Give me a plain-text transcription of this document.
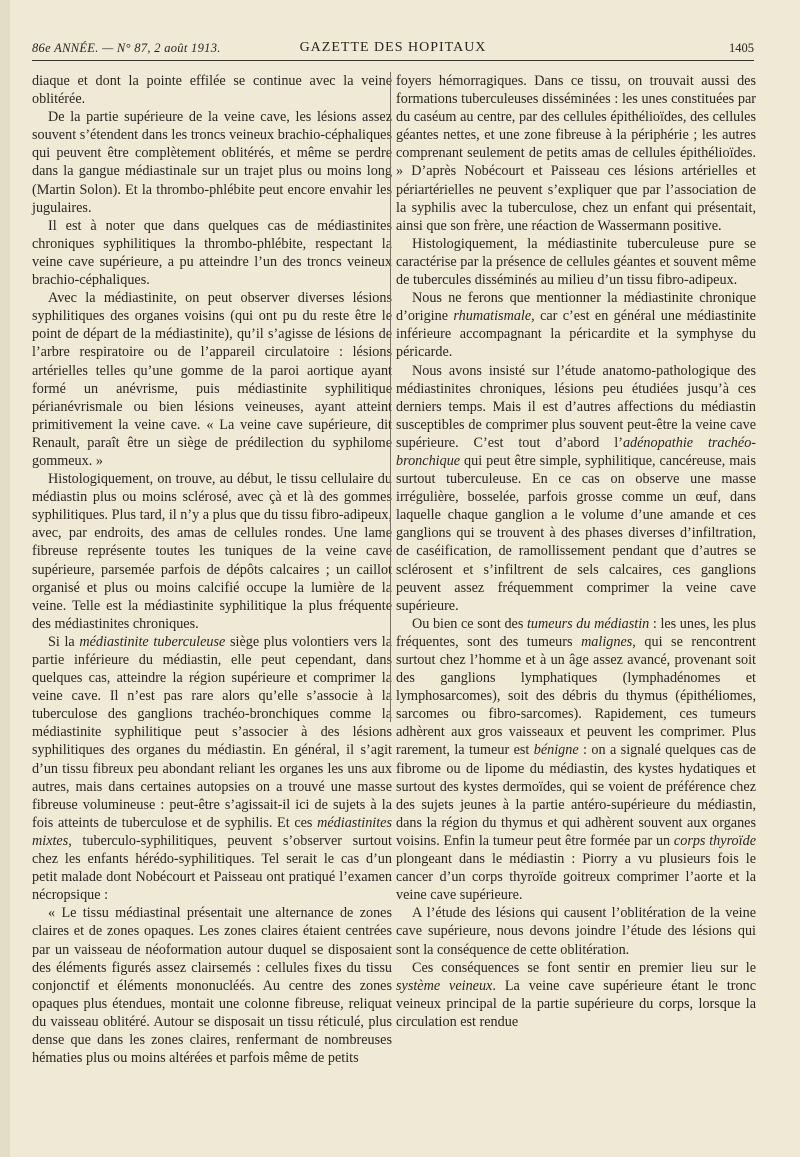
86e ANNÉE. — N° 87, 2 août 1913.	GAZETTE DES HOPITAUX	1405

diaque et dont la pointe effilée se continue avec la veine oblitérée.

De la partie supérieure de la veine cave, les lésions assez souvent s’étendent dans les troncs veineux brachio-céphaliques qui peuvent être complètement oblitérés, et même se perdre dans la gangue médiastinale sur un trajet plus ou moins long (Martin Solon). Et la thrombo-phlébite peut encore envahir les jugulaires.

Il est à noter que dans quelques cas de médiastinites chroniques syphilitiques la thrombo-phlébite, respectant la veine cave supérieure, a pu atteindre l’un des troncs veineux brachio-céphaliques.

Avec la médiastinite, on peut observer diverses lésions syphilitiques des organes voisins (qui ont pu du reste être le point de départ de la médiastinite), qu’il s’agisse de lésions de l’arbre respiratoire ou de l’appareil circulatoire : lésions artérielles telles qu’une gomme de la paroi aortique ayant formé un anévrisme, puis médiastinite syphilitique périanévrismale ou bien lésions veineuses, ayant atteint primitivement la veine cave. « La veine cave supérieure, dit Renault, paraît être un siège de prédilection du syphilome gommeux. »

Histologiquement, on trouve, au début, le tissu cellulaire du médiastin plus ou moins sclérosé, avec çà et là des gommes syphilitiques. Plus tard, il n’y a plus que du tissu fibro-adipeux, avec, par endroits, des amas de cellules rondes. Une lame fibreuse représente toutes les tuniques de la veine cave supérieure, parsemée parfois de dépôts calcaires ; un caillot organisé et plus ou moins calcifié occupe la lumière de la veine. Telle est la médiastinite syphilitique la plus fréquente des médiastinites chroniques.

Si la médiastinite tuberculeuse siège plus volontiers vers la partie inférieure du médiastin, elle peut cependant, dans quelques cas, atteindre la région supérieure et comprimer la veine cave. Il n’est pas rare alors qu’elle s’associe à la tuberculose des ganglions trachéo-bronchiques comme la médiastinite syphilitique peut s’associer à des lésions syphilitiques des organes du médiastin. En général, il s’agit d’un tissu fibreux peu abondant reliant les organes les uns aux autres, mais dans certaines autopsies on a trouvé une masse fibreuse volumineuse : peut-être s’agissait-il ici de sujets à la fois atteints de tuberculose et de syphilis. Et ces médiastinites mixtes, tuberculo-syphilitiques, peuvent s’observer surtout chez les enfants hérédo-syphilitiques. Tel serait le cas d’un petit malade dont Nobécourt et Paisseau ont pratiqué l’examen nécropsique :

« Le tissu médiastinal présentait une alternance de zones claires et de zones opaques. Les zones claires étaient centrées par un vaisseau de néoformation autour duquel se disposaient des éléments figurés assez clairsemés : cellules fixes du tissu conjonctif et éléments mononucléés. Au centre des zones opaques plus étendues, montait une colonne fibreuse, reliquat du vaisseau oblitéré. Autour se disposait un tissu réticulé, plus dense que dans les zones claires, renfermant de nombreuses hématies plus ou moins altérées et parfois même de petits

foyers hémorragiques. Dans ce tissu, on trouvait aussi des formations tuberculeuses disséminées : les unes constituées par du caséum au centre, par des cellules épithélioïdes, des cellules géantes nettes, et une zone fibreuse à la périphérie ; les autres comprenant seulement de petits amas de cellules épithélioïdes. » D’après Nobécourt et Paisseau ces lésions artérielles et périartérielles ne peuvent s’expliquer que par l’association de la syphilis avec la tuberculose, chez un enfant qui présentait, ainsi que son frère, une réaction de Wassermann positive.

Histologiquement, la médiastinite tuberculeuse pure se caractérise par la présence de cellules géantes et souvent même de tubercules disséminés au milieu d’un tissu fibro-adipeux.

Nous ne ferons que mentionner la médiastinite chronique d’origine rhumatismale, car c’est en général une médiastinite inférieure accompagnant la péricardite et la symphyse du péricarde.

Nous avons insisté sur l’étude anatomo-pathologique des médiastinites chroniques, lésions peu étudiées jusqu’à ces derniers temps. Mais il est d’autres affections du médiastin susceptibles de comprimer plus souvent peut-être la veine cave supérieure. C’est tout d’abord l’adénopathie trachéo-bronchique qui peut être simple, syphilitique, cancéreuse, mais surtout tuberculeuse. En ce cas on observe une masse irrégulière, bosselée, parfois grosse comme un œuf, dans laquelle chaque ganglion a le volume d’une amande et ces ganglions qui se trouvent à des phases diverses d’infiltration, de caséification, de ramollissement pendant que d’autres se sclérosent et s’infiltrent de sels calcaires, ces ganglions peuvent assez fréquemment comprimer la veine cave supérieure.

Ou bien ce sont des tumeurs du médiastin : les unes, les plus fréquentes, sont des tumeurs malignes, qui se rencontrent surtout chez l’homme et à un âge assez avancé, provenant soit des ganglions lymphatiques (lymphadénomes et lymphosarcomes), soit des débris du thymus (épithéliomes, sarcomes ou fibro-sarcomes). Rapidement, ces tumeurs adhèrent aux gros vaisseaux et peuvent les comprimer. Plus rarement, la tumeur est bénigne : on a signalé quelques cas de fibrome ou de lipome du médiastin, des kystes hydatiques et surtout des kystes dermoïdes, qui se voient de préférence chez des sujets jeunes à la partie antéro-supérieure du médiastin, dans la région du thymus et qui adhèrent souvent aux organes voisins. Enfin la tumeur peut être formée par un corps thyroïde plongeant dans le médiastin : Piorry a vu plusieurs fois le cancer d’un corps thyroïde goitreux comprimer l’aorte et la veine cave supérieure.

A l’étude des lésions qui causent l’oblitération de la veine cave supérieure, nous devons joindre l’étude des lésions qui sont la conséquence de cette oblitération.

Ces conséquences se font sentir en premier lieu sur le système veineux. La veine cave supérieure étant le tronc veineux principal de la partie supérieure du corps, lorsque la circulation est rendue
